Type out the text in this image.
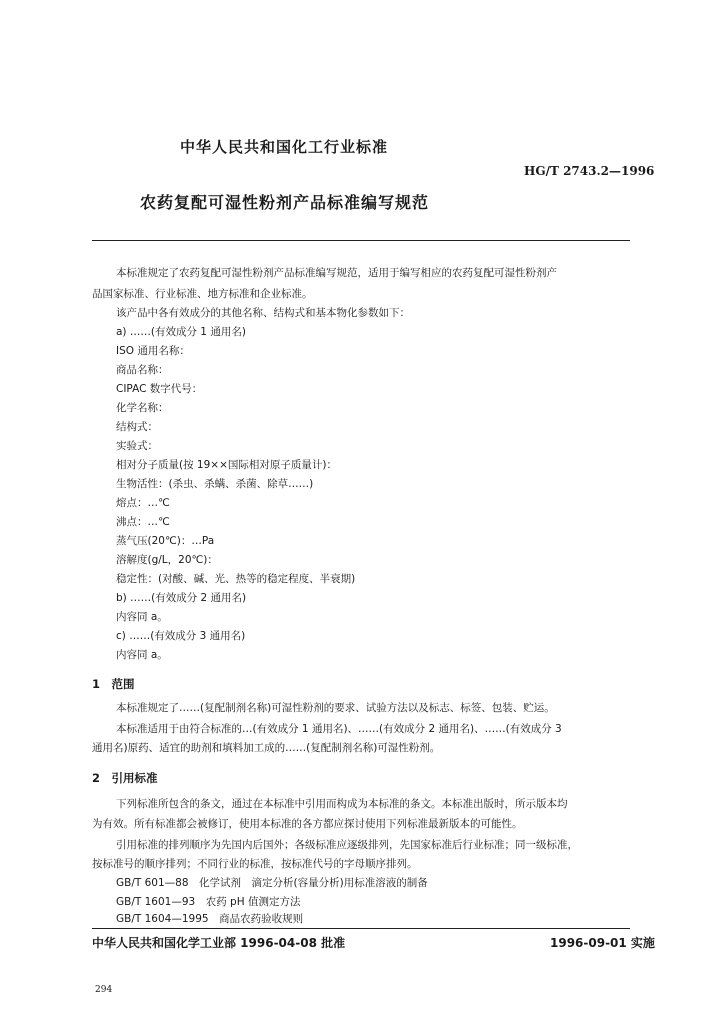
中华人民共和国化工行业标准
HG/T 2743.2—1996
农药复配可湿性粉剂产品标准编写规范
本标准规定了农药复配可湿性粉剂产品标准编写规范，适用于编写相应的农药复配可湿性粉剂产
品国家标准、行业标准、地方标准和企业标准。
该产品中各有效成分的其他名称、结构式和基本物化参数如下：
a) ……(有效成分 1 通用名)
ISO 通用名称：
商品名称：
CIPAC 数字代号：
化学名称：
结构式：
实验式：
相对分子质量(按 19××国际相对原子质量计)：
生物活性：(杀虫、杀螨、杀菌、除草……)
熔点：…℃
沸点：…℃
蒸气压(20℃)：…Pa
溶解度(g/L，20℃)：
稳定性：(对酸、碱、光、热等的稳定程度、半衰期)
b) ……(有效成分 2 通用名)
内容同 a。
c) ……(有效成分 3 通用名)
内容同 a。
1　范围
本标准规定了……(复配制剂名称)可湿性粉剂的要求、试验方法以及标志、标签、包装、贮运。
本标准适用于由符合标准的…(有效成分 1 通用名)、……(有效成分 2 通用名)、……(有效成分 3
通用名)原药、适宜的助剂和填料加工成的……(复配制剂名称)可湿性粉剂。
2　引用标准
下列标准所包含的条文，通过在本标准中引用而构成为本标准的条文。本标准出版时，所示版本均
为有效。所有标准都会被修订，使用本标准的各方都应探讨使用下列标准最新版本的可能性。
引用标准的排列顺序为先国内后国外；各级标准应逐级排列，先国家标准后行业标准；同一级标准，
按标准号的顺序排列；不同行业的标准，按标准代号的字母顺序排列。
GB/T 601—88　化学试剂　滴定分析(容量分析)用标准溶液的制备
GB/T 1601—93　农药 pH 值测定方法
GB/T 1604—1995　商品农药验收规则
中华人民共和国化学工业部 1996-04-08 批准	1996-09-01 实施
294
